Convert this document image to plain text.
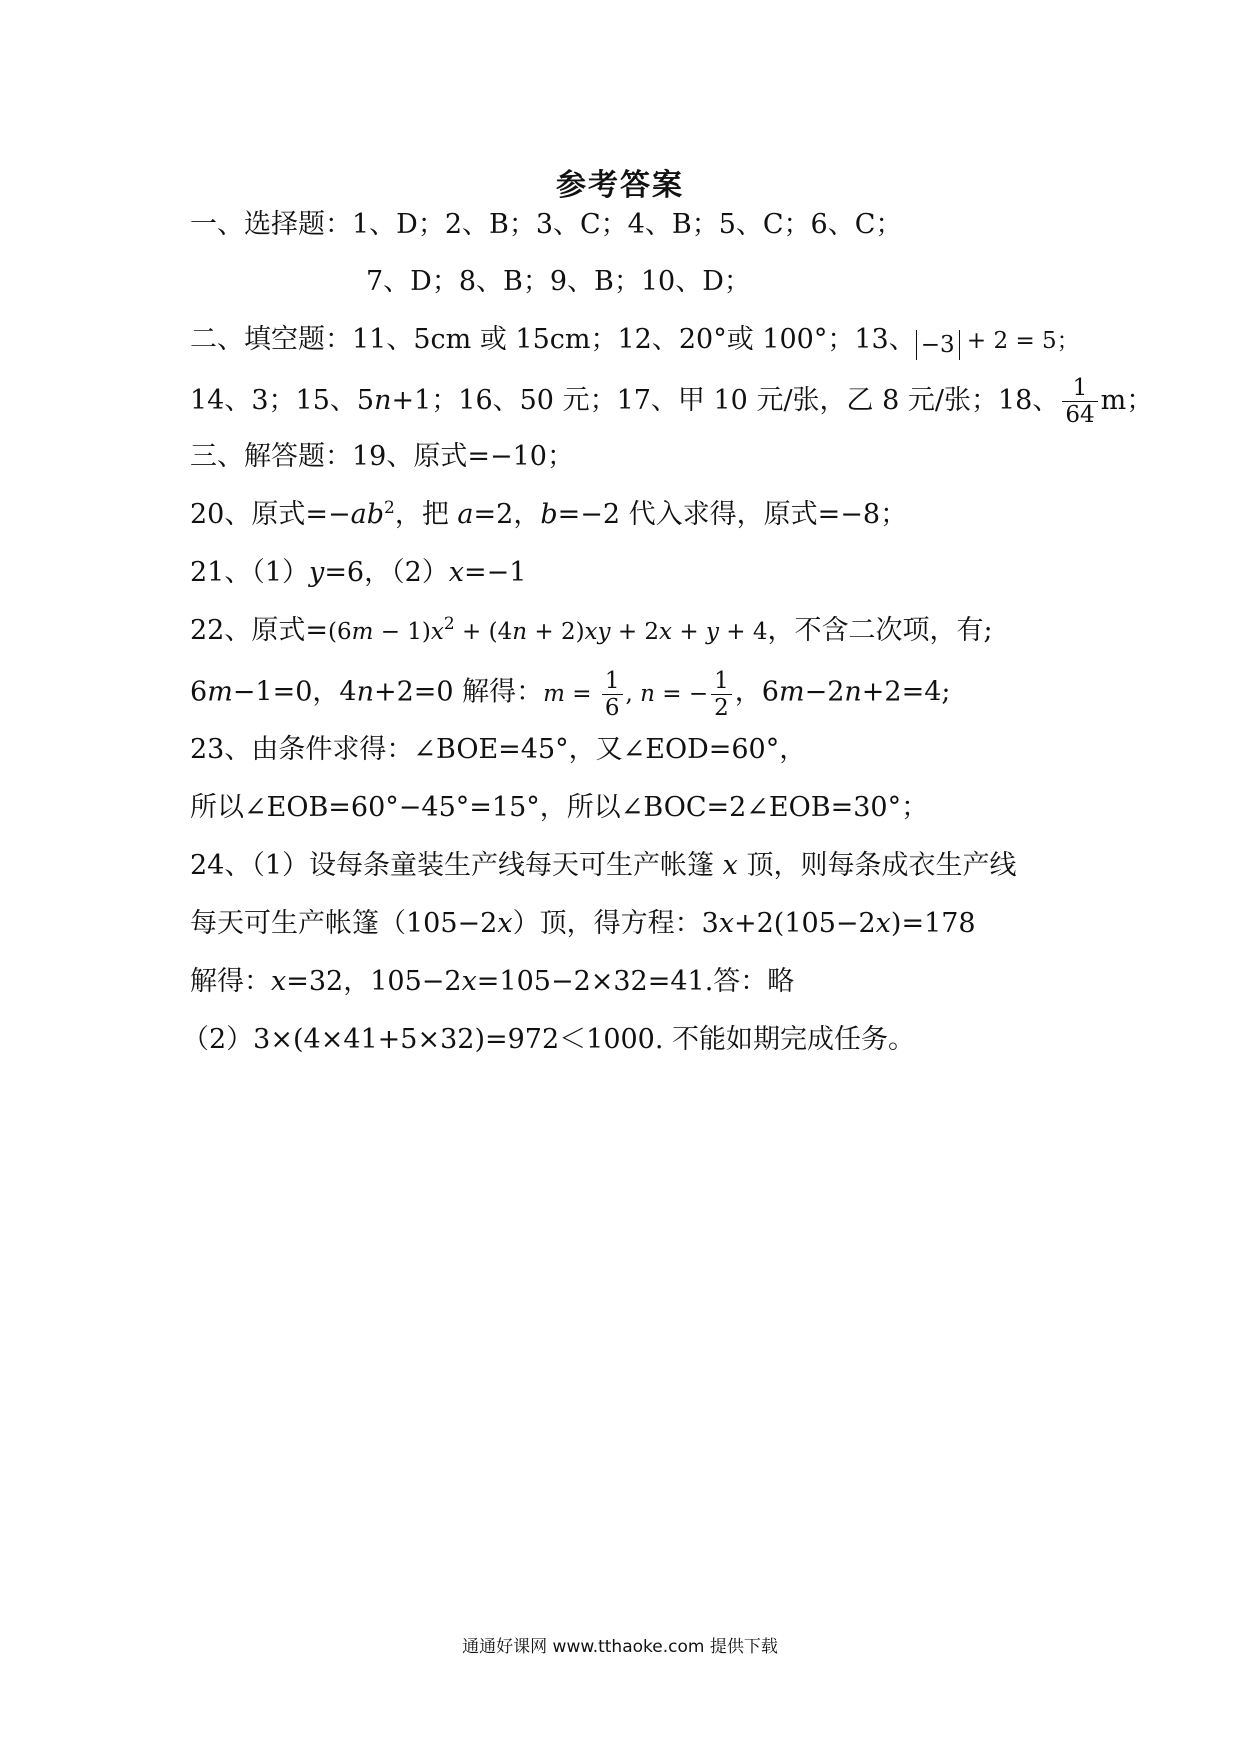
参考答案
一、选择题：1、D；2、B；3、C；4、B；5、C；6、C；
7、D；8、B；9、B；10、D；
二、填空题：11、5cm 或 15cm；12、20°或 100°；13、 −3 + 2 = 5；
14、3；15、5n+1；16、50 元；17、甲 10 元/张，乙 8 元/张；18、 $\frac{1}{64}$ m；
三、解答题：19、原式=−10；
20、原式$=-ab^2$，把 a=2，b=−2 代入求得，原式=−8；
21、（1）y=6，（2）x=−1
22、原式$=(6m - 1)x^2 + (4n + 2)xy + 2x + y + 4$，不含二次项，有;
6m−1=0，4n+2=0 解得：$m = \frac{1}{6}$ , n = − $\frac{1}{2}$ ，6m−2n+2=4;
23、由条件求得：∠BOE=45°，又∠EOD=60°，
所以∠EOB=60°−45°=15°，所以∠BOC=2∠EOB=30°；
24、（1）设每条童装生产线每天可生产帐篷 x 顶，则每条成衣生产线
每天可生产帐篷（105−2x）顶，得方程：3x+2(105−2x)=178
解得：x=32，105−2x=105−2×32=41.答：略
（2）3×(4×41+5×32)=972＜1000. 不能如期完成任务。
通通好课网 www.tthaoke.com 提供下载
